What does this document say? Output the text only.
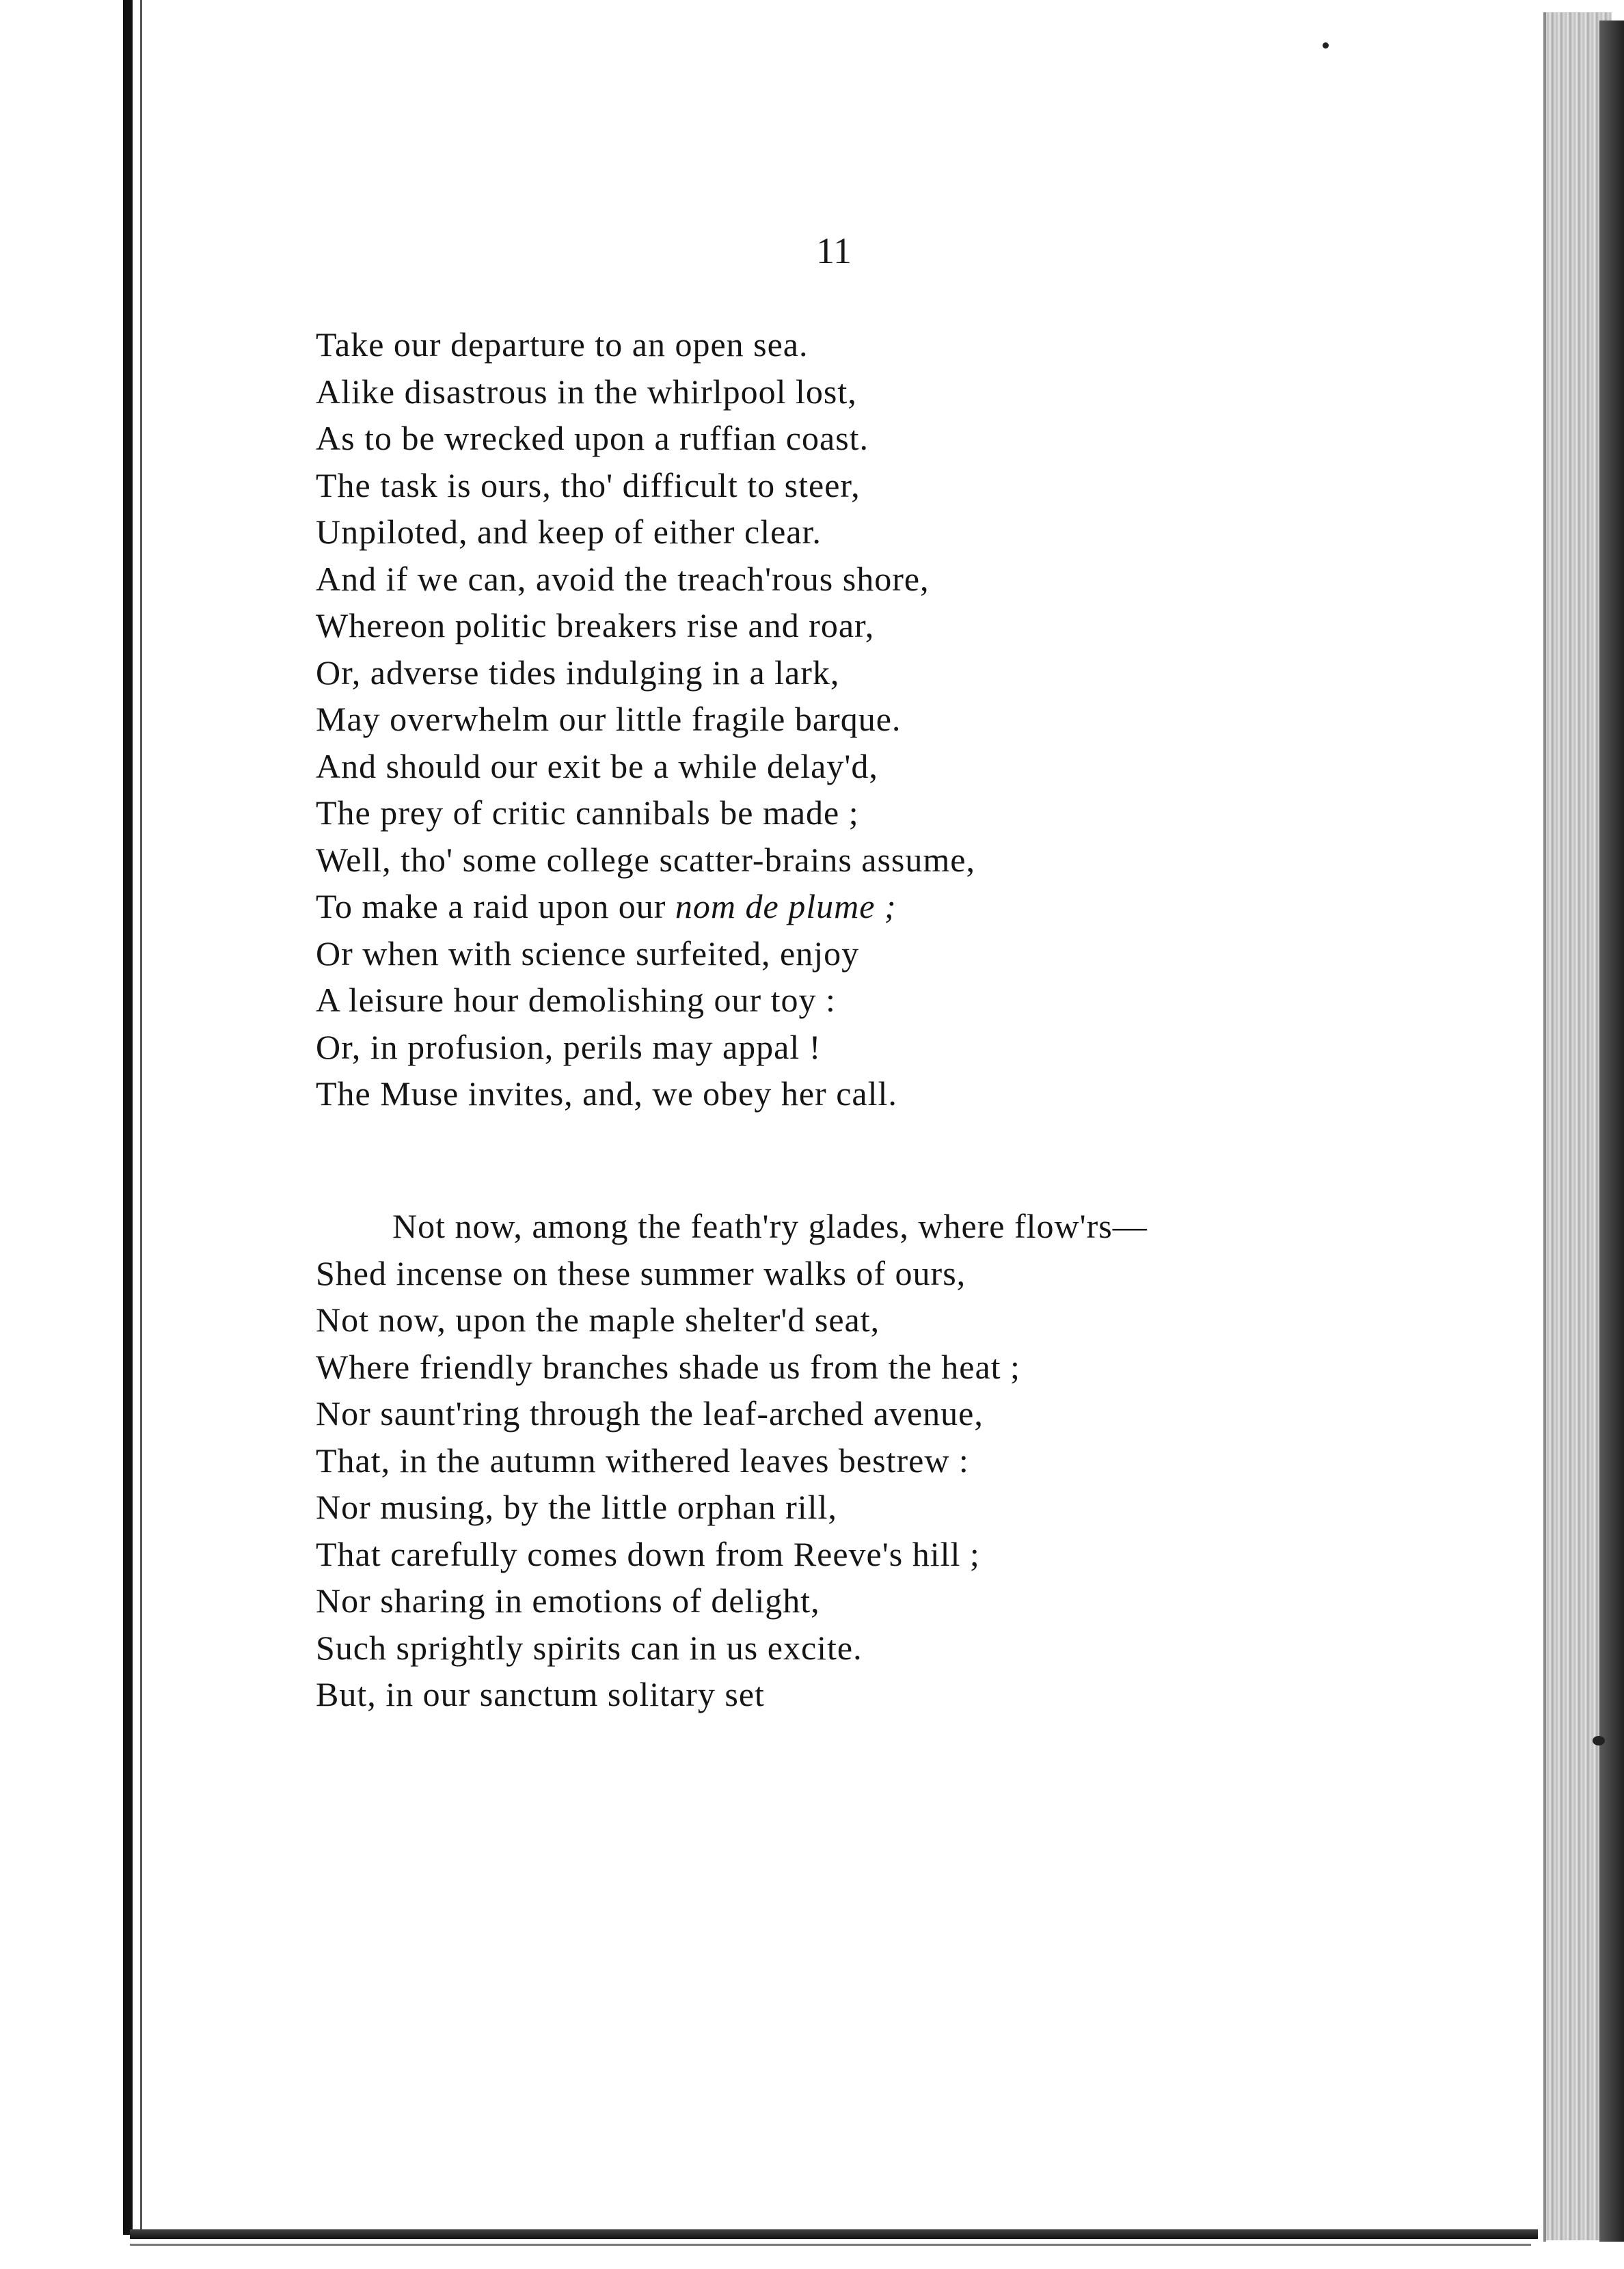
11

Take our departure to an open sea.
Alike disastrous in the whirlpool lost,
As to be wrecked upon a ruffian coast.
The task is ours, tho' difficult to steer,
Unpiloted, and keep of either clear.
And if we can, avoid the treach'rous shore,
Whereon politic breakers rise and roar,
Or, adverse tides indulging in a lark,
May overwhelm our little fragile barque.
And should our exit be a while delay'd,
The prey of critic cannibals be made ;
Well, tho' some college scatter-brains assume,
To make a raid upon our nom de plume ;
Or when with science surfeited, enjoy
A leisure hour demolishing our toy :
Or, in profusion, perils may appal !
The Muse invites, and, we obey her call.
Not now, among the feath'ry glades, where flow'rs—
Shed incense on these summer walks of ours,
Not now, upon the maple shelter'd seat,
Where friendly branches shade us from the heat ;
Nor saunt'ring through the leaf-arched avenue,
That, in the autumn withered leaves bestrew :
Nor musing, by the little orphan rill,
That carefully comes down from Reeve's hill ;
Nor sharing in emotions of delight,
Such sprightly spirits can in us excite.
But, in our sanctum solitary set
